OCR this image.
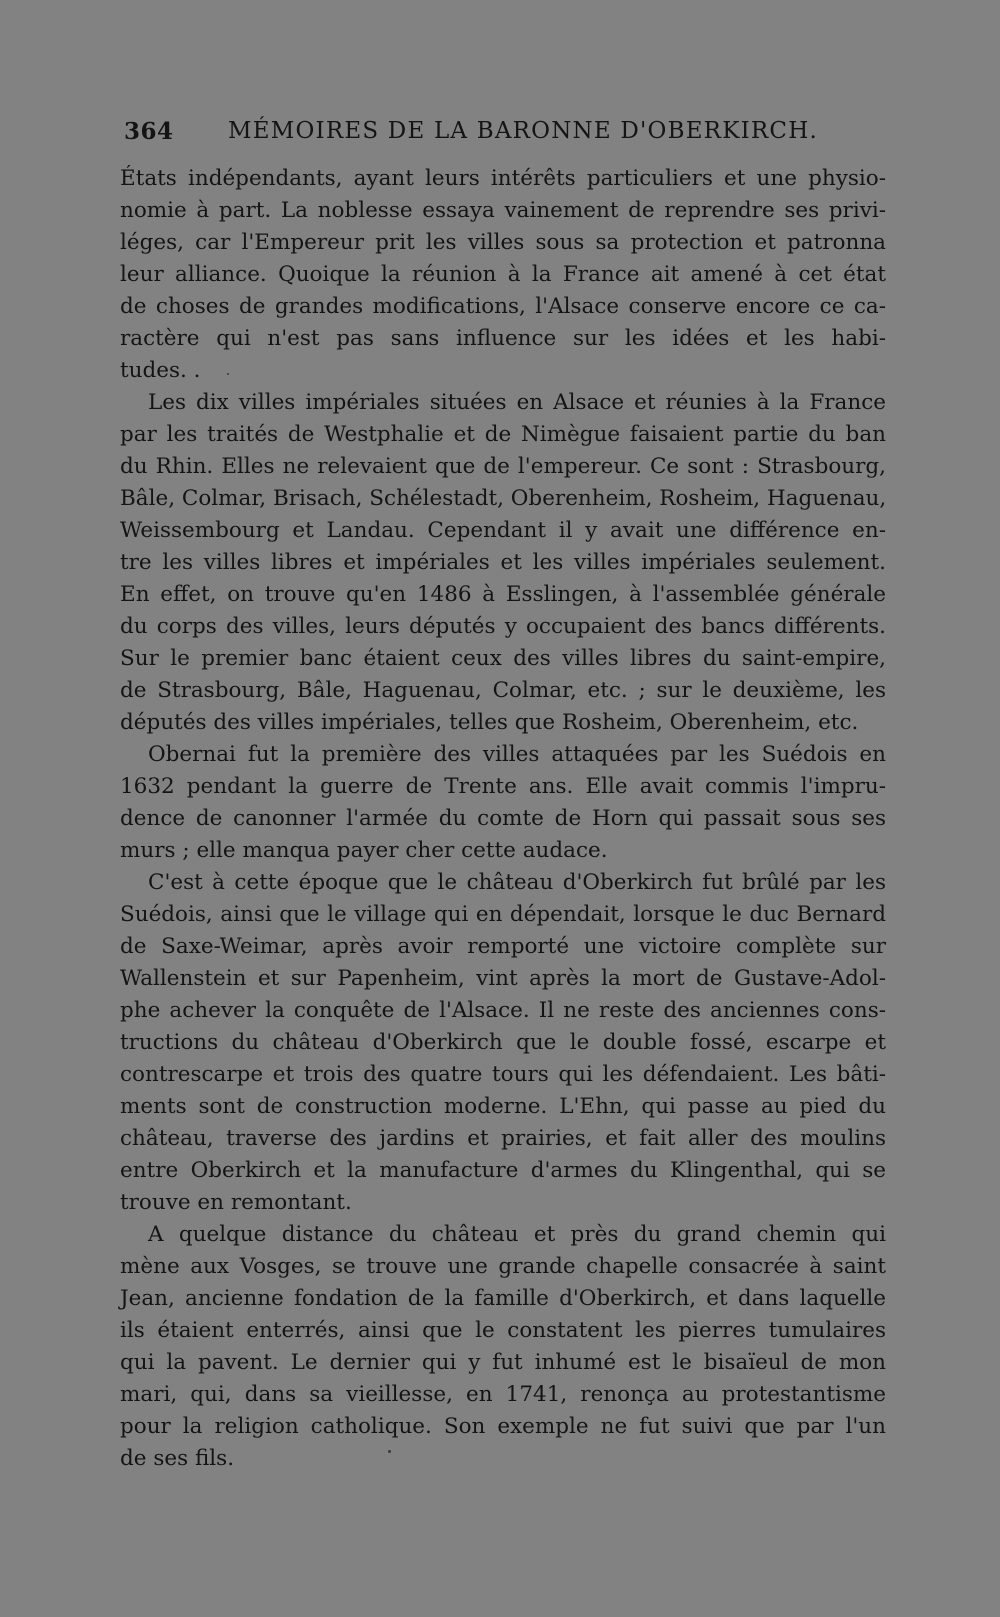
364 MÉMOIRES DE LA BARONNE D'OBERKIRCH.
États indépendants, ayant leurs intérêts particuliers et une physio-
nomie à part. La noblesse essaya vainement de reprendre ses privi-
léges, car l'Empereur prit les villes sous sa protection et patronna
leur alliance. Quoique la réunion à la France ait amené à cet état
de choses de grandes modifications, l'Alsace conserve encore ce ca-
ractère qui n'est pas sans influence sur les idées et les habi-
tudes. .
Les dix villes impériales situées en Alsace et réunies à la France
par les traités de Westphalie et de Nimègue faisaient partie du ban
du Rhin. Elles ne relevaient que de l'empereur. Ce sont : Strasbourg,
Bâle, Colmar, Brisach, Schélestadt, Oberenheim, Rosheim, Haguenau,
Weissembourg et Landau. Cependant il y avait une différence en-
tre les villes libres et impériales et les villes impériales seulement.
En effet, on trouve qu'en 1486 à Esslingen, à l'assemblée générale
du corps des villes, leurs députés y occupaient des bancs différents.
Sur le premier banc étaient ceux des villes libres du saint-empire,
de Strasbourg, Bâle, Haguenau, Colmar, etc. ; sur le deuxième, les
députés des villes impériales, telles que Rosheim, Oberenheim, etc.
Obernai fut la première des villes attaquées par les Suédois en
1632 pendant la guerre de Trente ans. Elle avait commis l'impru-
dence de canonner l'armée du comte de Horn qui passait sous ses
murs ; elle manqua payer cher cette audace.
C'est à cette époque que le château d'Oberkirch fut brûlé par les
Suédois, ainsi que le village qui en dépendait, lorsque le duc Bernard
de Saxe-Weimar, après avoir remporté une victoire complète sur
Wallenstein et sur Papenheim, vint après la mort de Gustave-Adol-
phe achever la conquête de l'Alsace. Il ne reste des anciennes cons-
tructions du château d'Oberkirch que le double fossé, escarpe et
contrescarpe et trois des quatre tours qui les défendaient. Les bâti-
ments sont de construction moderne. L'Ehn, qui passe au pied du
château, traverse des jardins et prairies, et fait aller des moulins
entre Oberkirch et la manufacture d'armes du Klingenthal, qui se
trouve en remontant.
A quelque distance du château et près du grand chemin qui
mène aux Vosges, se trouve une grande chapelle consacrée à saint
Jean, ancienne fondation de la famille d'Oberkirch, et dans laquelle
ils étaient enterrés, ainsi que le constatent les pierres tumulaires
qui la pavent. Le dernier qui y fut inhumé est le bisaïeul de mon
mari, qui, dans sa vieillesse, en 1741, renonça au protestantisme
pour la religion catholique. Son exemple ne fut suivi que par l'un
de ses fils.
